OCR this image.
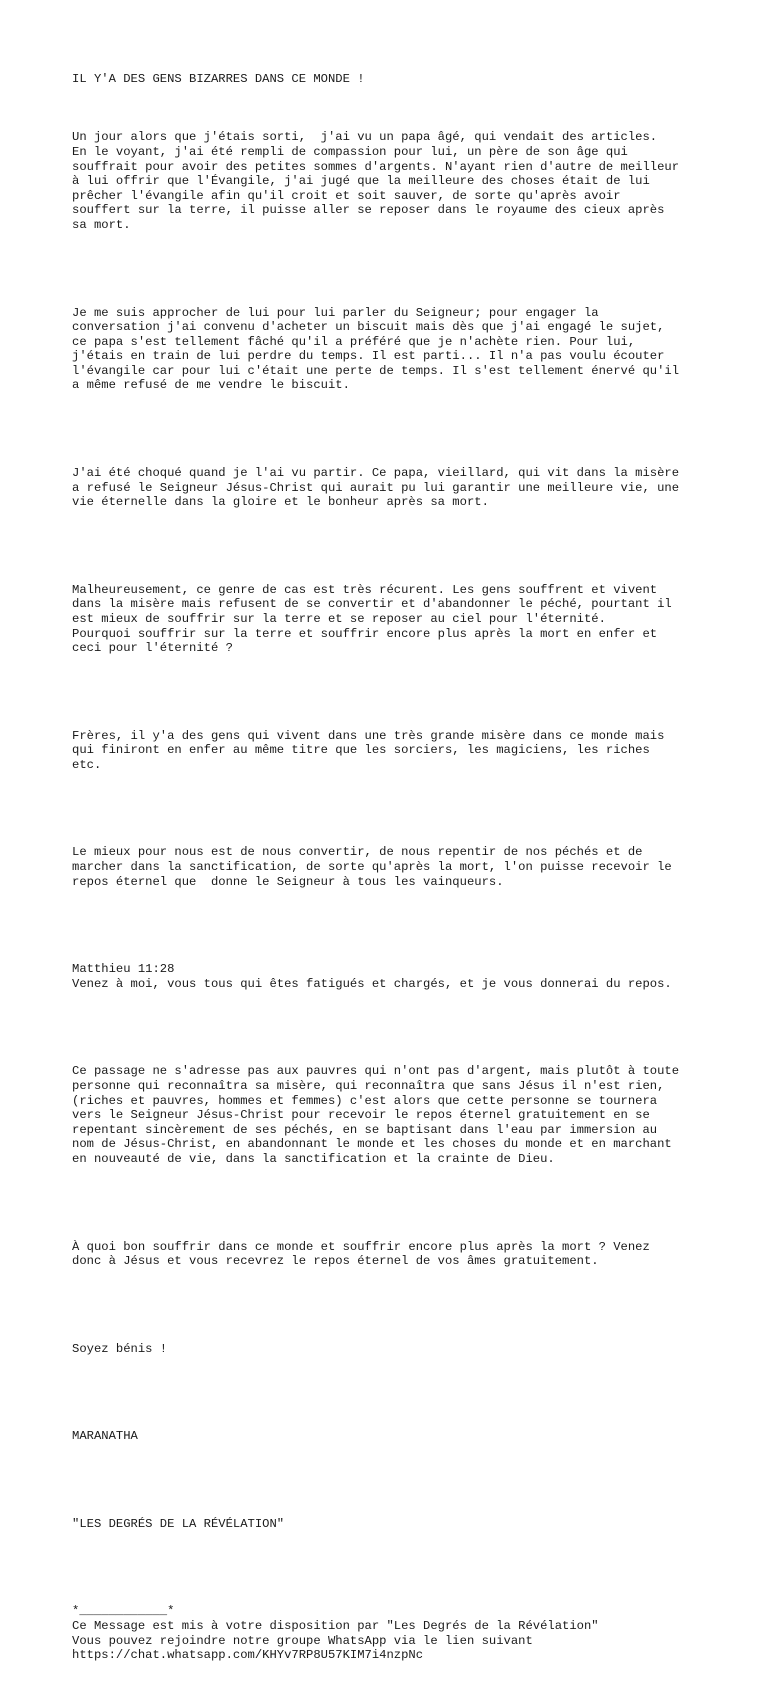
IL Y'A DES GENS BIZARRES DANS CE MONDE !

Un jour alors que j'étais sorti,  j'ai vu un papa âgé, qui vendait des articles.
En le voyant, j'ai été rempli de compassion pour lui, un père de son âge qui
souffrait pour avoir des petites sommes d'argents. N'ayant rien d'autre de meilleur
à lui offrir que l'Évangile, j'ai jugé que la meilleure des choses était de lui
prêcher l'évangile afin qu'il croit et soit sauver, de sorte qu'après avoir
souffert sur la terre, il puisse aller se reposer dans le royaume des cieux après
sa mort.

Je me suis approcher de lui pour lui parler du Seigneur; pour engager la
conversation j'ai convenu d'acheter un biscuit mais dès que j'ai engagé le sujet,
ce papa s'est tellement fâché qu'il a préféré que je n'achète rien. Pour lui,
j'étais en train de lui perdre du temps. Il est parti... Il n'a pas voulu écouter
l'évangile car pour lui c'était une perte de temps. Il s'est tellement énervé qu'il
a même refusé de me vendre le biscuit.

J'ai été choqué quand je l'ai vu partir. Ce papa, vieillard, qui vit dans la misère
a refusé le Seigneur Jésus-Christ qui aurait pu lui garantir une meilleure vie, une
vie éternelle dans la gloire et le bonheur après sa mort.

Malheureusement, ce genre de cas est très récurent. Les gens souffrent et vivent
dans la misère mais refusent de se convertir et d'abandonner le péché, pourtant il
est mieux de souffrir sur la terre et se reposer au ciel pour l'éternité.
Pourquoi souffrir sur la terre et souffrir encore plus après la mort en enfer et
ceci pour l'éternité ?

Frères, il y'a des gens qui vivent dans une très grande misère dans ce monde mais
qui finiront en enfer au même titre que les sorciers, les magiciens, les riches
etc.

Le mieux pour nous est de nous convertir, de nous repentir de nos péchés et de
marcher dans la sanctification, de sorte qu'après la mort, l'on puisse recevoir le
repos éternel que  donne le Seigneur à tous les vainqueurs.

Matthieu 11:28
Venez à moi, vous tous qui êtes fatigués et chargés, et je vous donnerai du repos.

Ce passage ne s'adresse pas aux pauvres qui n'ont pas d'argent, mais plutôt à toute
personne qui reconnaîtra sa misère, qui reconnaîtra que sans Jésus il n'est rien,
(riches et pauvres, hommes et femmes) c'est alors que cette personne se tournera
vers le Seigneur Jésus-Christ pour recevoir le repos éternel gratuitement en se
repentant sincèrement de ses péchés, en se baptisant dans l'eau par immersion au
nom de Jésus-Christ, en abandonnant le monde et les choses du monde et en marchant
en nouveauté de vie, dans la sanctification et la crainte de Dieu.

À quoi bon souffrir dans ce monde et souffrir encore plus après la mort ? Venez
donc à Jésus et vous recevrez le repos éternel de vos âmes gratuitement.

Soyez bénis !

MARANATHA

"LES DEGRÉS DE LA RÉVÉLATION"

*____________*
Ce Message est mis à votre disposition par "Les Degrés de la Révélation"
Vous pouvez rejoindre notre groupe WhatsApp via le lien suivant
https://chat.whatsapp.com/KHYv7RP8U57KIM7i4nzpNc
